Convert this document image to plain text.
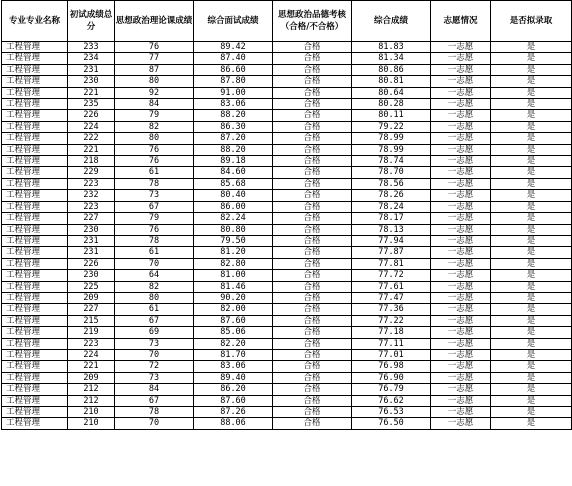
专业专业名称	初试成绩总分	思想政治理论课成绩	综合面试成绩	思想政治品德考核（合格/不合格）	综合成绩	志愿情况	是否拟录取
工程管理	233	76	89.42	合格	81.83	一志愿	是
工程管理	234	77	87.40	合格	81.34	一志愿	是
工程管理	231	87	86.60	合格	80.86	一志愿	是
工程管理	230	80	87.80	合格	80.81	一志愿	是
工程管理	221	92	91.00	合格	80.64	一志愿	是
工程管理	235	84	83.06	合格	80.28	一志愿	是
工程管理	226	79	88.20	合格	80.11	一志愿	是
工程管理	224	82	86.30	合格	79.22	一志愿	是
工程管理	222	80	87.20	合格	78.99	一志愿	是
工程管理	221	76	88.20	合格	78.99	一志愿	是
工程管理	218	76	89.18	合格	78.74	一志愿	是
工程管理	229	61	84.60	合格	78.70	一志愿	是
工程管理	223	78	85.68	合格	78.56	一志愿	是
工程管理	232	73	80.40	合格	78.26	一志愿	是
工程管理	223	67	86.00	合格	78.24	一志愿	是
工程管理	227	79	82.24	合格	78.17	一志愿	是
工程管理	230	76	80.80	合格	78.13	一志愿	是
工程管理	231	78	79.50	合格	77.94	一志愿	是
工程管理	231	61	81.20	合格	77.87	一志愿	是
工程管理	226	70	82.80	合格	77.81	一志愿	是
工程管理	230	64	81.00	合格	77.72	一志愿	是
工程管理	225	82	81.46	合格	77.61	一志愿	是
工程管理	209	80	90.20	合格	77.47	一志愿	是
工程管理	227	61	82.00	合格	77.36	一志愿	是
工程管理	215	67	87.60	合格	77.22	一志愿	是
工程管理	219	69	85.06	合格	77.18	一志愿	是
工程管理	223	73	82.20	合格	77.11	一志愿	是
工程管理	224	70	81.70	合格	77.01	一志愿	是
工程管理	221	72	83.06	合格	76.98	一志愿	是
工程管理	209	73	89.40	合格	76.90	一志愿	是
工程管理	212	84	86.20	合格	76.79	一志愿	是
工程管理	212	67	87.60	合格	76.62	一志愿	是
工程管理	210	78	87.26	合格	76.53	一志愿	是
工程管理	210	70	88.06	合格	76.50	一志愿	是
